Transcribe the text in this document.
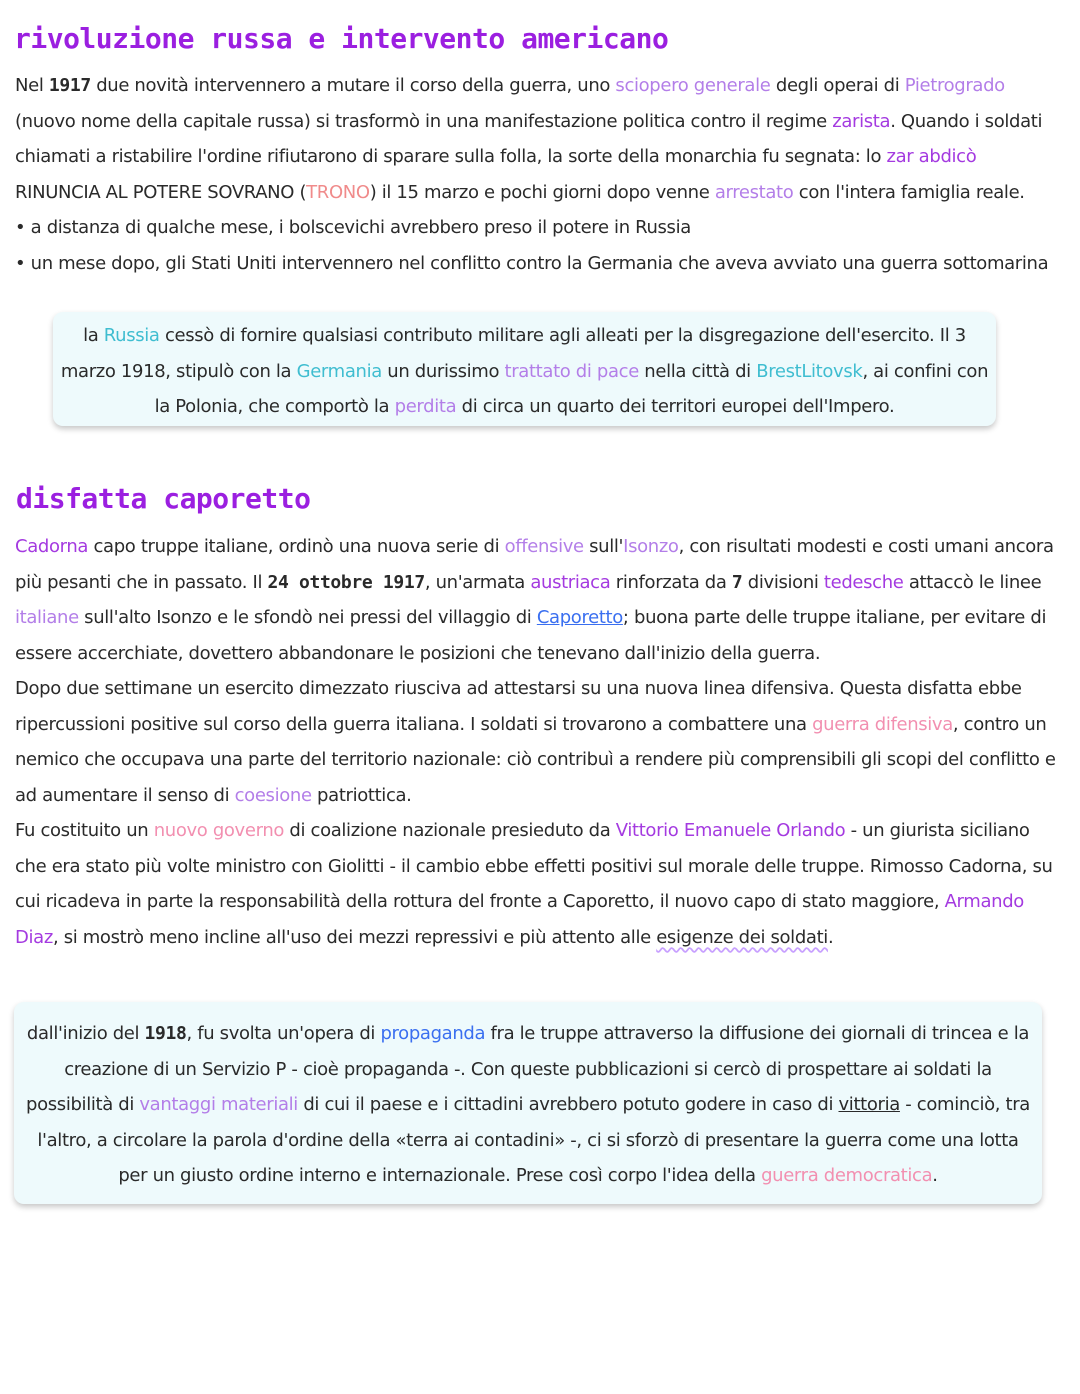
rivoluzione russa e intervento americano

Nel 1917 due novità intervennero a mutare il corso della guerra, uno sciopero generale degli operai di Pietrogrado (nuovo nome della capitale russa) si trasformò in una manifestazione politica contro il regime zarista. Quando i soldati chiamati a ristabilire l'ordine rifiutarono di sparare sulla folla, la sorte della monarchia fu segnata: lo zar abdicò RINUNCIA AL POTERE SOVRANO (TRONO) il 15 marzo e pochi giorni dopo venne arrestato con l'intera famiglia reale.
• a distanza di qualche mese, i bolscevichi avrebbero preso il potere in Russia
• un mese dopo, gli Stati Uniti intervennero nel conflitto contro la Germania che aveva avviato una guerra sottomarina

la Russia cessò di fornire qualsiasi contributo militare agli alleati per la disgregazione dell'esercito. Il 3 marzo 1918, stipulò con la Germania un durissimo trattato di pace nella città di BrestLitovsk, ai confini con la Polonia, che comportò la perdita di circa un quarto dei territori europei dell'Impero.

disfatta caporetto

Cadorna capo truppe italiane, ordinò una nuova serie di offensive sull'Isonzo, con risultati modesti e costi umani ancora più pesanti che in passato. Il 24 ottobre 1917, un'armata austriaca rinforzata da 7 divisioni tedesche attaccò le linee italiane sull'alto Isonzo e le sfondò nei pressi del villaggio di Caporetto; buona parte delle truppe italiane, per evitare di essere accerchiate, dovettero abbandonare le posizioni che tenevano dall'inizio della guerra.
Dopo due settimane un esercito dimezzato riusciva ad attestarsi su una nuova linea difensiva. Questa disfatta ebbe ripercussioni positive sul corso della guerra italiana. I soldati si trovarono a combattere una guerra difensiva, contro un nemico che occupava una parte del territorio nazionale: ciò contribuì a rendere più comprensibili gli scopi del conflitto e ad aumentare il senso di coesione patriottica.
Fu costituito un nuovo governo di coalizione nazionale presieduto da Vittorio Emanuele Orlando - un giurista siciliano che era stato più volte ministro con Giolitti - il cambio ebbe effetti positivi sul morale delle truppe. Rimosso Cadorna, su cui ricadeva in parte la responsabilità della rottura del fronte a Caporetto, il nuovo capo di stato maggiore, Armando Diaz, si mostrò meno incline all'uso dei mezzi repressivi e più attento alle esigenze dei soldati.

dall'inizio del 1918, fu svolta un'opera di propaganda fra le truppe attraverso la diffusione dei giornali di trincea e la creazione di un Servizio P - cioè propaganda -. Con queste pubblicazioni si cercò di prospettare ai soldati la possibilità di vantaggi materiali di cui il paese e i cittadini avrebbero potuto godere in caso di vittoria - cominciò, tra l'altro, a circolare la parola d'ordine della «terra ai contadini» -, ci si sforzò di presentare la guerra come una lotta per un giusto ordine interno e internazionale. Prese così corpo l'idea della guerra democratica.
